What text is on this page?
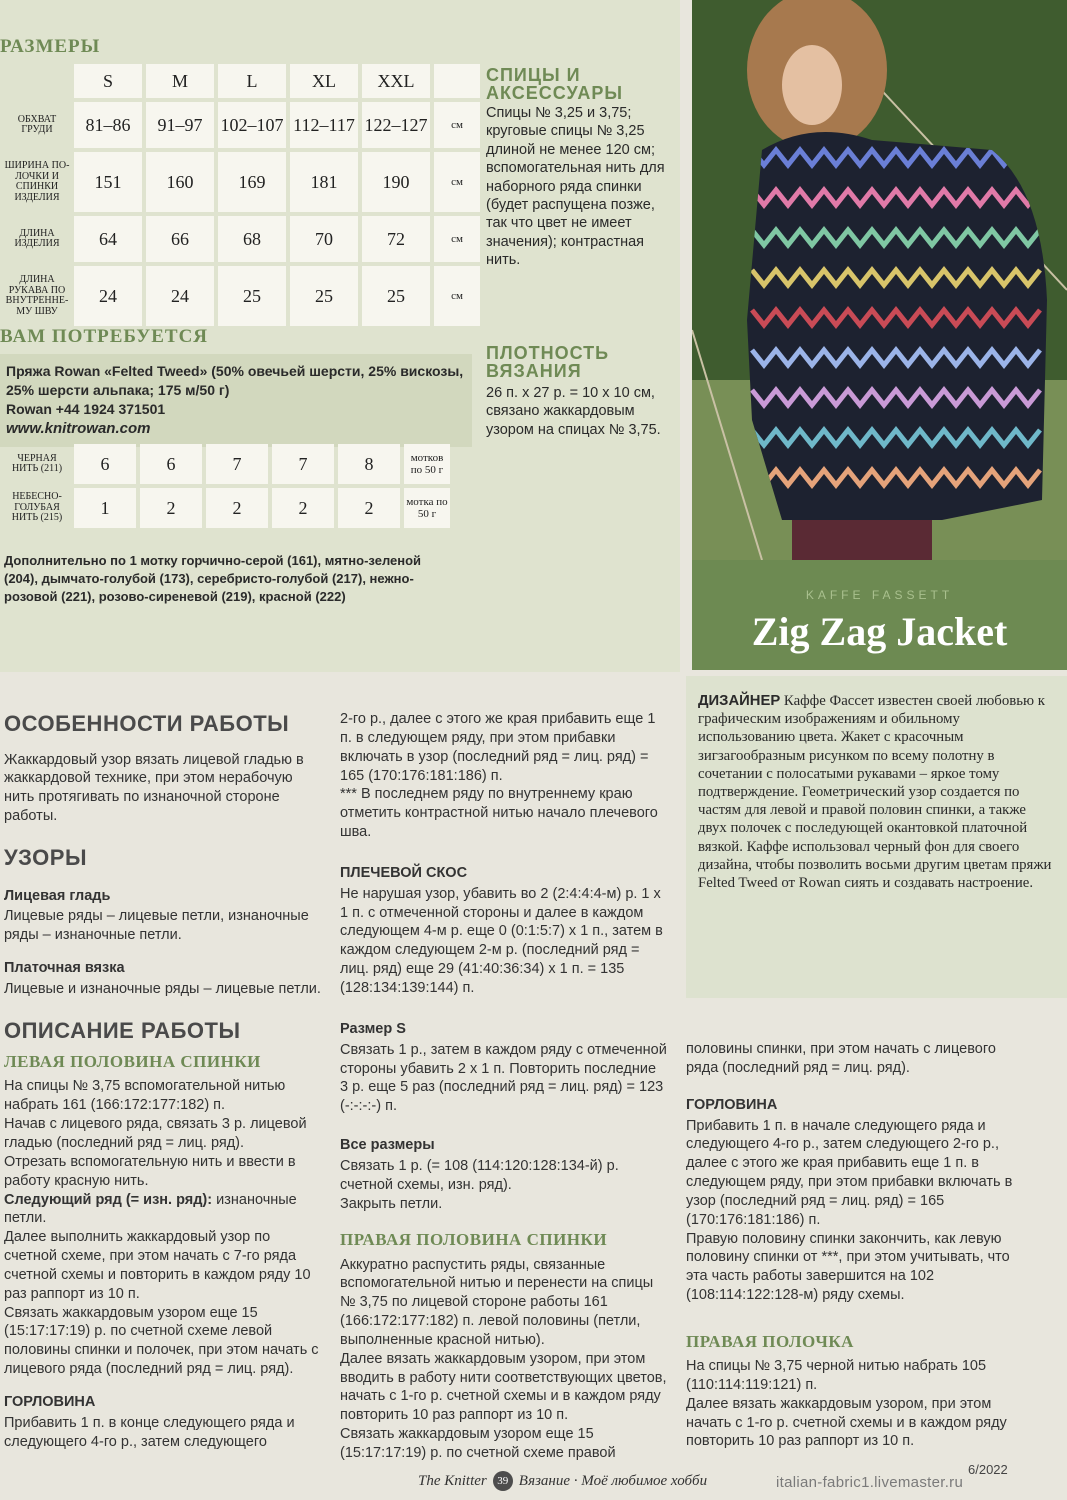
РАЗМЕРЫ
	S	M	L	XL	XXL	
ОБХВАТ ГРУДИ	81–86	91–97	102–107	112–117	122–127	см
ШИРИНА ПОЛОЧКИ И СПИНКИ ИЗДЕЛИЯ	151	160	169	181	190	см
ДЛИНА ИЗДЕЛИЯ	64	66	68	70	72	см
ДЛИНА РУКАВА ПО ВНУТРЕННЕМУ ШВУ	24	24	25	25	25	см
ВАМ ПОТРЕБУЕТСЯ
Пряжа Rowan «Felted Tweed» (50% овечьей шерсти, 25% вискозы, 25% шерсти альпака; 175 м/50 г)
Rowan +44 1924 371501
www.knitrowan.com
ЧЕРНАЯ НИТЬ (211)	6	6	7	7	8	мотков по 50 г
НЕБЕСНО-ГОЛУБАЯ НИТЬ (215)	1	2	2	2	2	мотка по 50 г
Дополнительно по 1 мотку горчично-серой (161), мятно-зеленой (204), дымчато-голубой (173), серебристо-голубой (217), нежно-розовой (221), розово-сиреневой (219), красной (222)
СПИЦЫ И АКСЕССУАРЫ
Спицы № 3,25 и 3,75; круговые спицы № 3,25 длиной не менее 120 см; вспомогательная нить для наборного ряда спинки (будет распущена позже, так что цвет не имеет значения); контрастная нить.
ПЛОТНОСТЬ ВЯЗАНИЯ
26 п. х 27 р. = 10 х 10 см, связано жаккардовым узором на спицах № 3,75.
KAFFE FASSETT
Zig Zag Jacket
ДИЗАЙНЕР Каффе Фассет известен своей любовью к графическим изображениям и обильному использованию цвета. Жакет с красочным зигзагообразным рисунком по всему полотну в сочетании с полосатыми рукавами – яркое тому подтверждение. Геометрический узор создается по частям для левой и правой половин спинки, а также двух полочек с последующей окантовкой платочной вязкой. Каффе использовал черный фон для своего дизайна, чтобы позволить восьми другим цветам пряжи Felted Tweed от Rowan сиять и создавать настроение.
ОСОБЕННОСТИ РАБОТЫ

Жаккардовый узор вязать лицевой гладью в жаккардовой технике, при этом нерабочую нить протягивать по изнаночной стороне работы.

УЗОРЫ
Лицевая гладь

Лицевые ряды – лицевые петли, изнаночные ряды – изнаночные петли.

Платочная вязка

Лицевые и изнаночные ряды – лицевые петли.

ОПИСАНИЕ РАБОТЫ
ЛЕВАЯ ПОЛОВИНА СПИНКИ

На спицы № 3,75 вспомогательной нитью набрать 161 (166:172:177:182) п.

Начав с лицевого ряда, связать 3 р. лицевой гладью (последний ряд = лиц. ряд).

Отрезать вспомогательную нить и ввести в работу красную нить.

Следующий ряд (= изн. ряд): изнаночные петли.

Далее выполнить жаккардовый узор по счетной схеме, при этом начать с 7-го ряда счетной схемы и повторить в каждом ряду 10 раз раппорт из 10 п.

Связать жаккардовым узором еще 15 (15:17:17:19) р. по счетной схеме левой половины спинки и полочек, при этом начать с лицевого ряда (последний ряд = лиц. ряд).

ГОРЛОВИНА

Прибавить 1 п. в конце следующего ряда и следующего 4-го р., затем следующего

2-го р., далее с этого же края прибавить еще 1 п. в следующем ряду, при этом прибавки включать в узор (последний ряд = лиц. ряд) = 165 (170:176:181:186) п.

*** В последнем ряду по внутреннему краю отметить контрастной нитью начало плечевого шва.

ПЛЕЧЕВОЙ СКОС

Не нарушая узор, убавить во 2 (2:4:4:4-м) р. 1 х 1 п. с отмеченной стороны и далее в каждом следующем 4-м р. еще 0 (0:1:5:7) х 1 п., затем в каждом следующем 2-м р. (последний ряд = лиц. ряд) еще 29 (41:40:36:34) х 1 п. = 135 (128:134:139:144) п.

Размер S

Связать 1 р., затем в каждом ряду с отмеченной стороны убавить 2 х 1 п. Повторить последние 3 р. еще 5 раз (последний ряд = лиц. ряд) = 123 (-:-:-:-) п.

Все размеры

Связать 1 р. (= 108 (114:120:128:134-й) р. счетной схемы, изн. ряд).

Закрыть петли.

ПРАВАЯ ПОЛОВИНА СПИНКИ

Аккуратно распустить ряды, связанные вспомогательной нитью и перенести на спицы № 3,75 по лицевой стороне работы 161 (166:172:177:182) п. левой половины (петли, выполненные красной нитью).

Далее вязать жаккардовым узором, при этом вводить в работу нити соответствующих цветов, начать с 1-го р. счетной схемы и в каждом ряду повторить 10 раз раппорт из 10 п.

Связать жаккардовым узором еще 15 (15:17:17:19) р. по счетной схеме правой

половины спинки, при этом начать с лицевого ряда (последний ряд = лиц. ряд).

ГОРЛОВИНА

Прибавить 1 п. в начале следующего ряда и следующего 4-го р., затем следующего 2-го р., далее с этого же края прибавить еще 1 п. в следующем ряду, при этом прибавки включать в узор (последний ряд = лиц. ряд) = 165 (170:176:181:186) п.

Правую половину спинки закончить, как левую половину спинки от ***, при этом учитывать, что эта часть работы завершится на 102 (108:114:122:128-м) ряду схемы.

ПРАВАЯ ПОЛОЧКА

На спицы № 3,75 черной нитью набрать 105 (110:114:119:121) п.

Далее вязать жаккардовым узором, при этом начать с 1-го р. счетной схемы и в каждом ряду повторить 10 раз раппорт из 10 п.

The Knitter 39 Вязание · Моё любимое хобби	italian-fabric1.livemaster.ru
6/2022
